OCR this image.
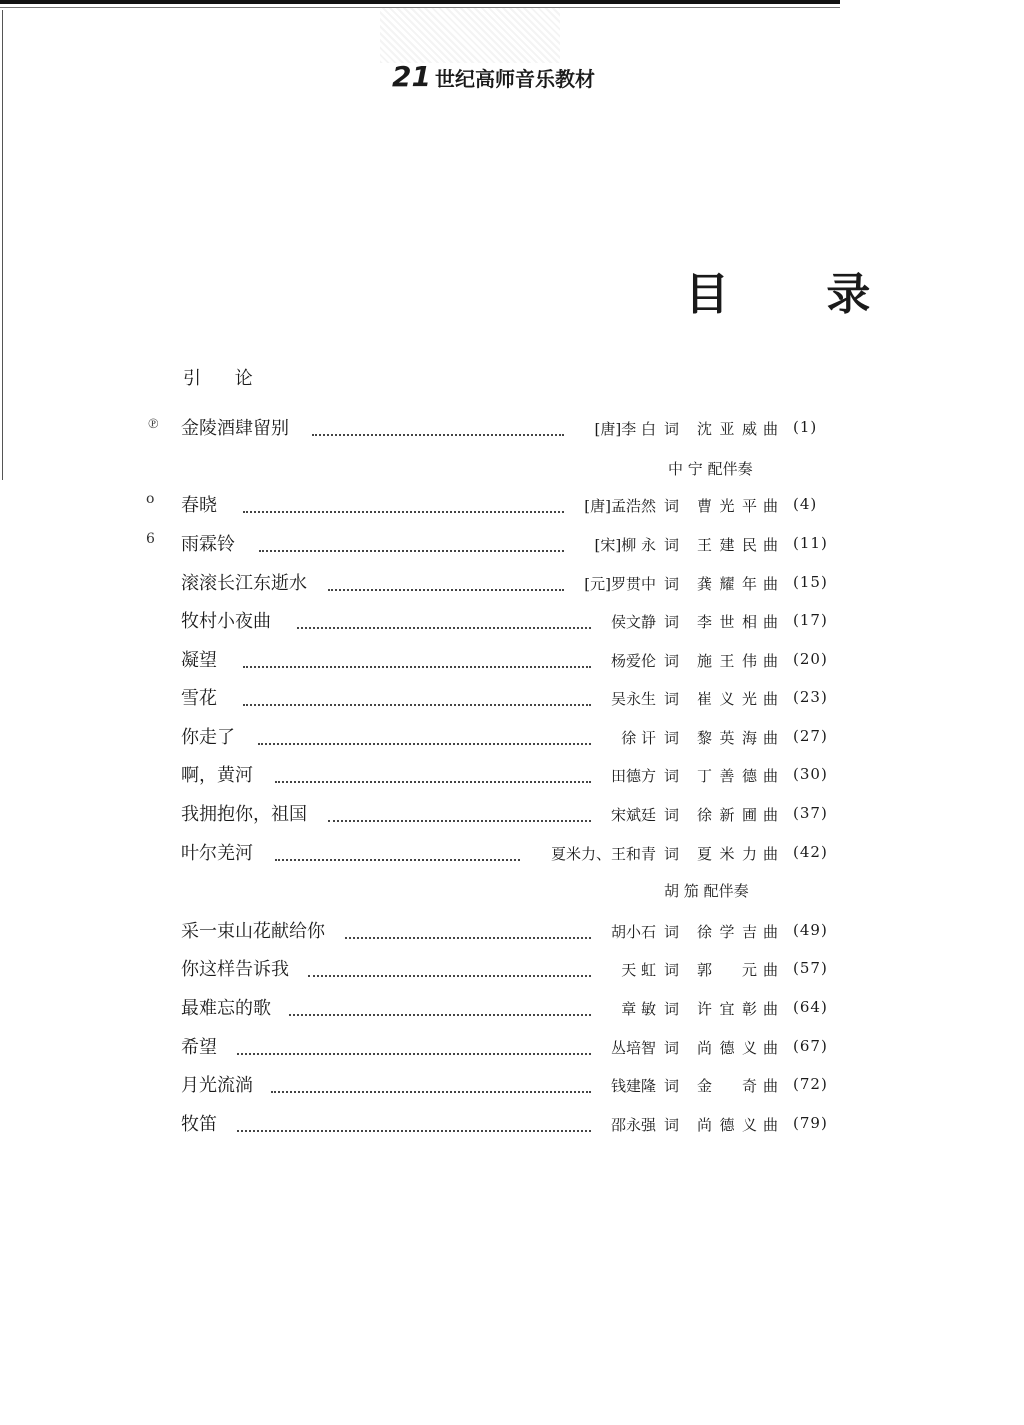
21 世纪高师音乐教材
目 录
引 论
金陵酒肆留别	[唐]李 白 词 沈亚威 曲 (1)
春晓	[唐]孟浩然 词 曹光平 曲 (4)
雨霖铃	[宋]柳 永 词 王建民 曲 (11)
滚滚长江东逝水	[元]罗贯中 词 龚耀年 曲 (15)
牧村小夜曲	侯文静 词 李世相 曲 (17)
凝望	杨爱伦 词 施王伟 曲 (20)
雪花	吴永生 词 崔义光 曲 (23)
你走了	徐 讦 词 黎英海 曲 (27)
啊，黄河	田德方 词 丁善德 曲 (30)
我拥抱你，祖国	宋斌廷 词 徐新圃 曲 (37)
叶尔羌河	夏米力、王和青 词 夏米力 曲 (42)
采一束山花献给你	胡小石 词 徐学吉 曲 (49)
你这样告诉我	天 虹 词 郭 元 曲 (57)
最难忘的歌	章 敏 词 许宜彰 曲 (64)
希望	丛培智 词 尚德义 曲 (67)
月光流淌	钱建隆 词 金 奇 曲 (72)
牧笛	邵永强 词 尚德义 曲 (79)
中 宁 配伴奏
胡 笳 配伴奏
℗
ο
6
